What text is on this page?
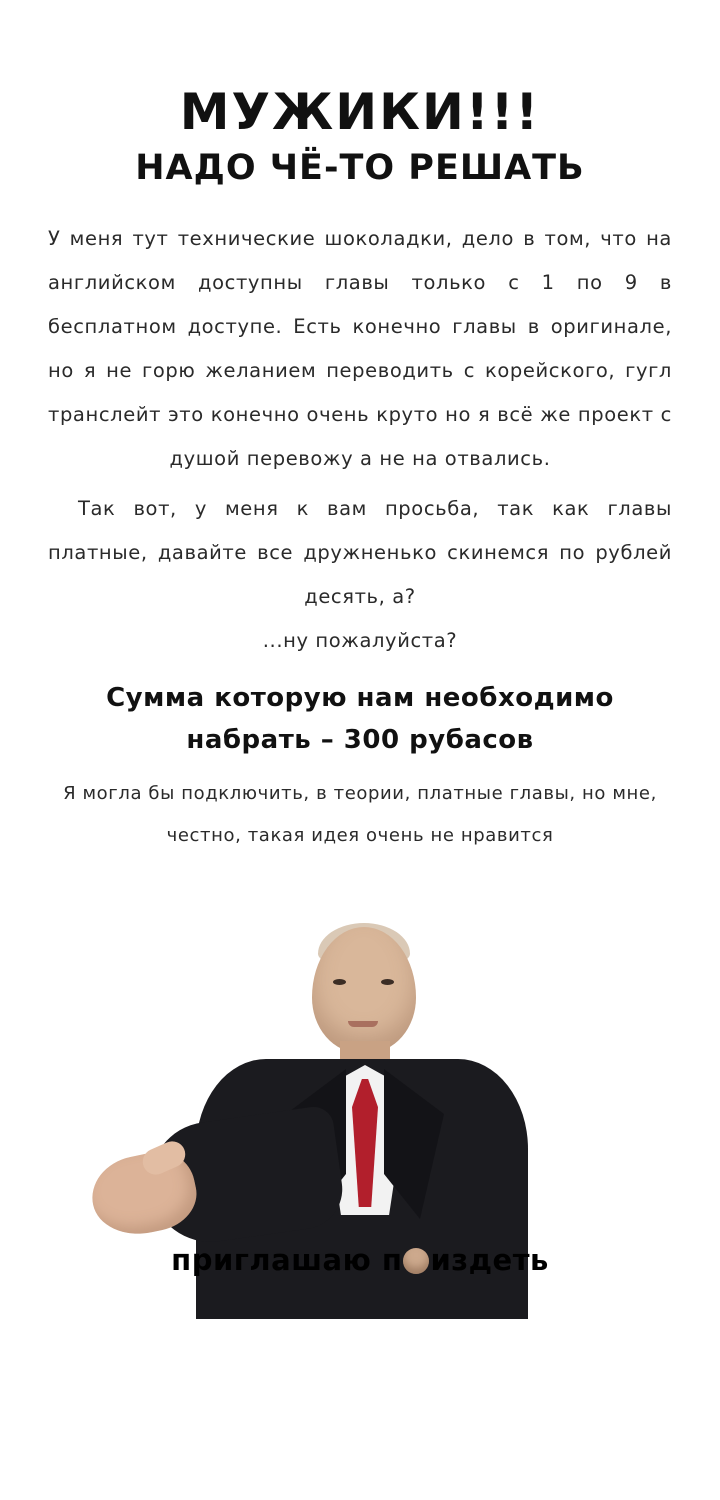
МУЖИКИ!!!
НАДО ЧЁ-ТО РЕШАТЬ

У меня тут технические шоколадки, дело в том, что на английском доступны главы только с 1 по 9 в бесплатном доступе. Есть конечно главы в оригинале, но я не горю желанием переводить с корейского, гугл транслейт это конечно очень круто но я всё же проект с душой перевожу а не на отвались.

Так вот, у меня к вам просьба, так как главы платные, давайте все дружненько скинемся по рублей десять, а?

...ну пожалуйста?

Сумма которую нам необходимо набрать – 300 рубасов

Я могла бы подключить, в теории, платные главы, но мне, честно, такая идея очень не нравится

приглашаю п издеть
